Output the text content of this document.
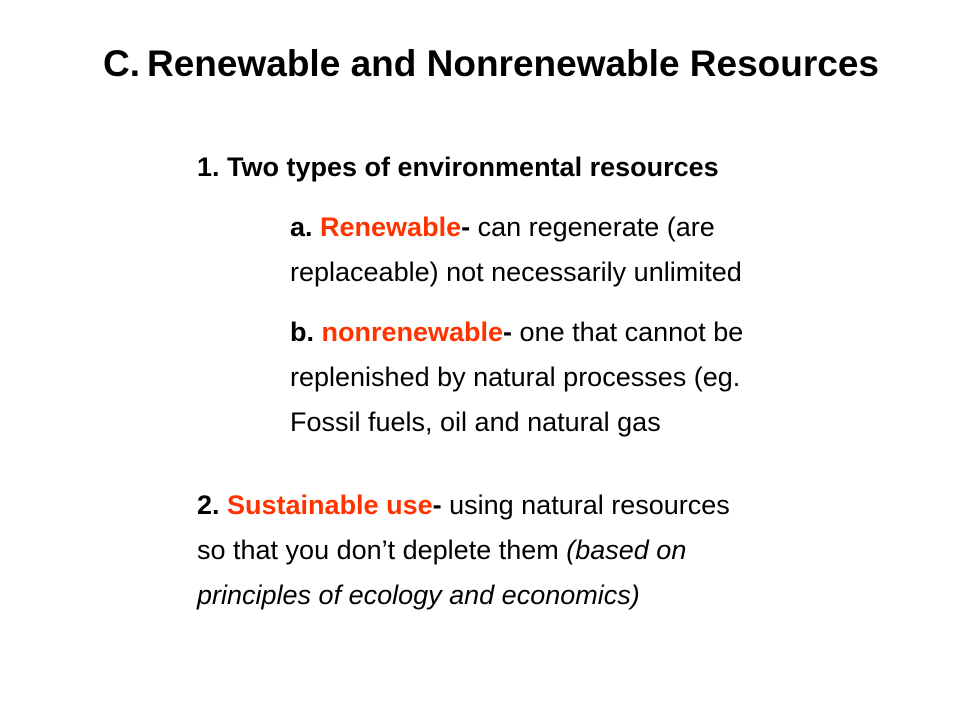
C. Renewable and Nonrenewable Resources
1. Two types of environmental resources
a. Renewable- can regenerate (are
replaceable) not necessarily unlimited
b. nonrenewable- one that cannot be
replenished by natural processes (eg.
Fossil fuels, oil and natural gas
2. Sustainable use- using natural resources
so that you don’t deplete them (based on
principles of ecology and economics)
